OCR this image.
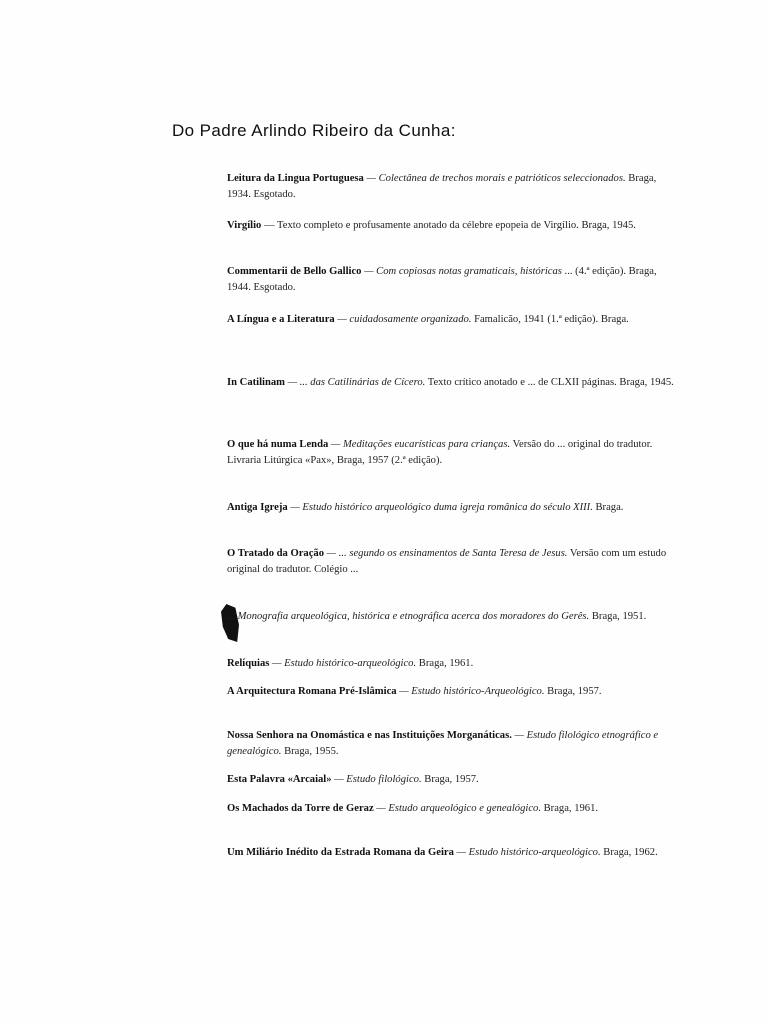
Do Padre Arlindo Ribeiro da Cunha:
Leitura da Lingua Portuguesa — Colectânea de trechos morais e patrióticos seleccionados. Braga, 1934. Esgotado.
Virgílio — Texto completo e profusamente anotado da célebre epopeia de Virgílio. Braga, 1945.
Commentarii de Bello Gallico — Com copiosas notas gramaticais, históricas ... (4.ª edição). Braga, 1944. Esgotado.
A Língua e a Literatura — cuidadosamente organizado. Famalicão, 1941 (1.ª edição). Braga.
In Catilinam — ... das Catilinárias de Cícero. Texto crítico anotado e ... de CLXII páginas. Braga, 1945.
O que há numa Lenda — Meditações eucarísticas para crianças. Versão do ... original do tradutor. Livraria Litúrgica «Pax», Braga, 1957 (2.ª edição).
Antiga Igreja — Estudo histórico arqueológico duma igreja românica do século XIII. Braga.
O Tratado da Oração — ... segundo os ensinamentos de Santa Teresa de Jesus. Versão com um estudo original do tradutor. Colégio ...
... Monografia arqueológica, histórica e etnográfica acerca dos moradores do Gerês. Braga, 1951.
Relíquias — Estudo histórico-arqueológico. Braga, 1961.
A Arquitectura Romana Pré-Islâmica — Estudo histórico-Arqueológico. Braga, 1957.
Nossa Senhora na Onomástica e nas Instituições Morganáticas. — Estudo filológico etnográfico e genealógico. Braga, 1955.
Esta Palavra «Arcaial» — Estudo filológico. Braga, 1957.
Os Machados da Torre de Geraz — Estudo arqueológico e genealógico. Braga, 1961.
Um Miliário Inédito da Estrada Romana da Geira — Estudo histórico-arqueológico. Braga, 1962.
